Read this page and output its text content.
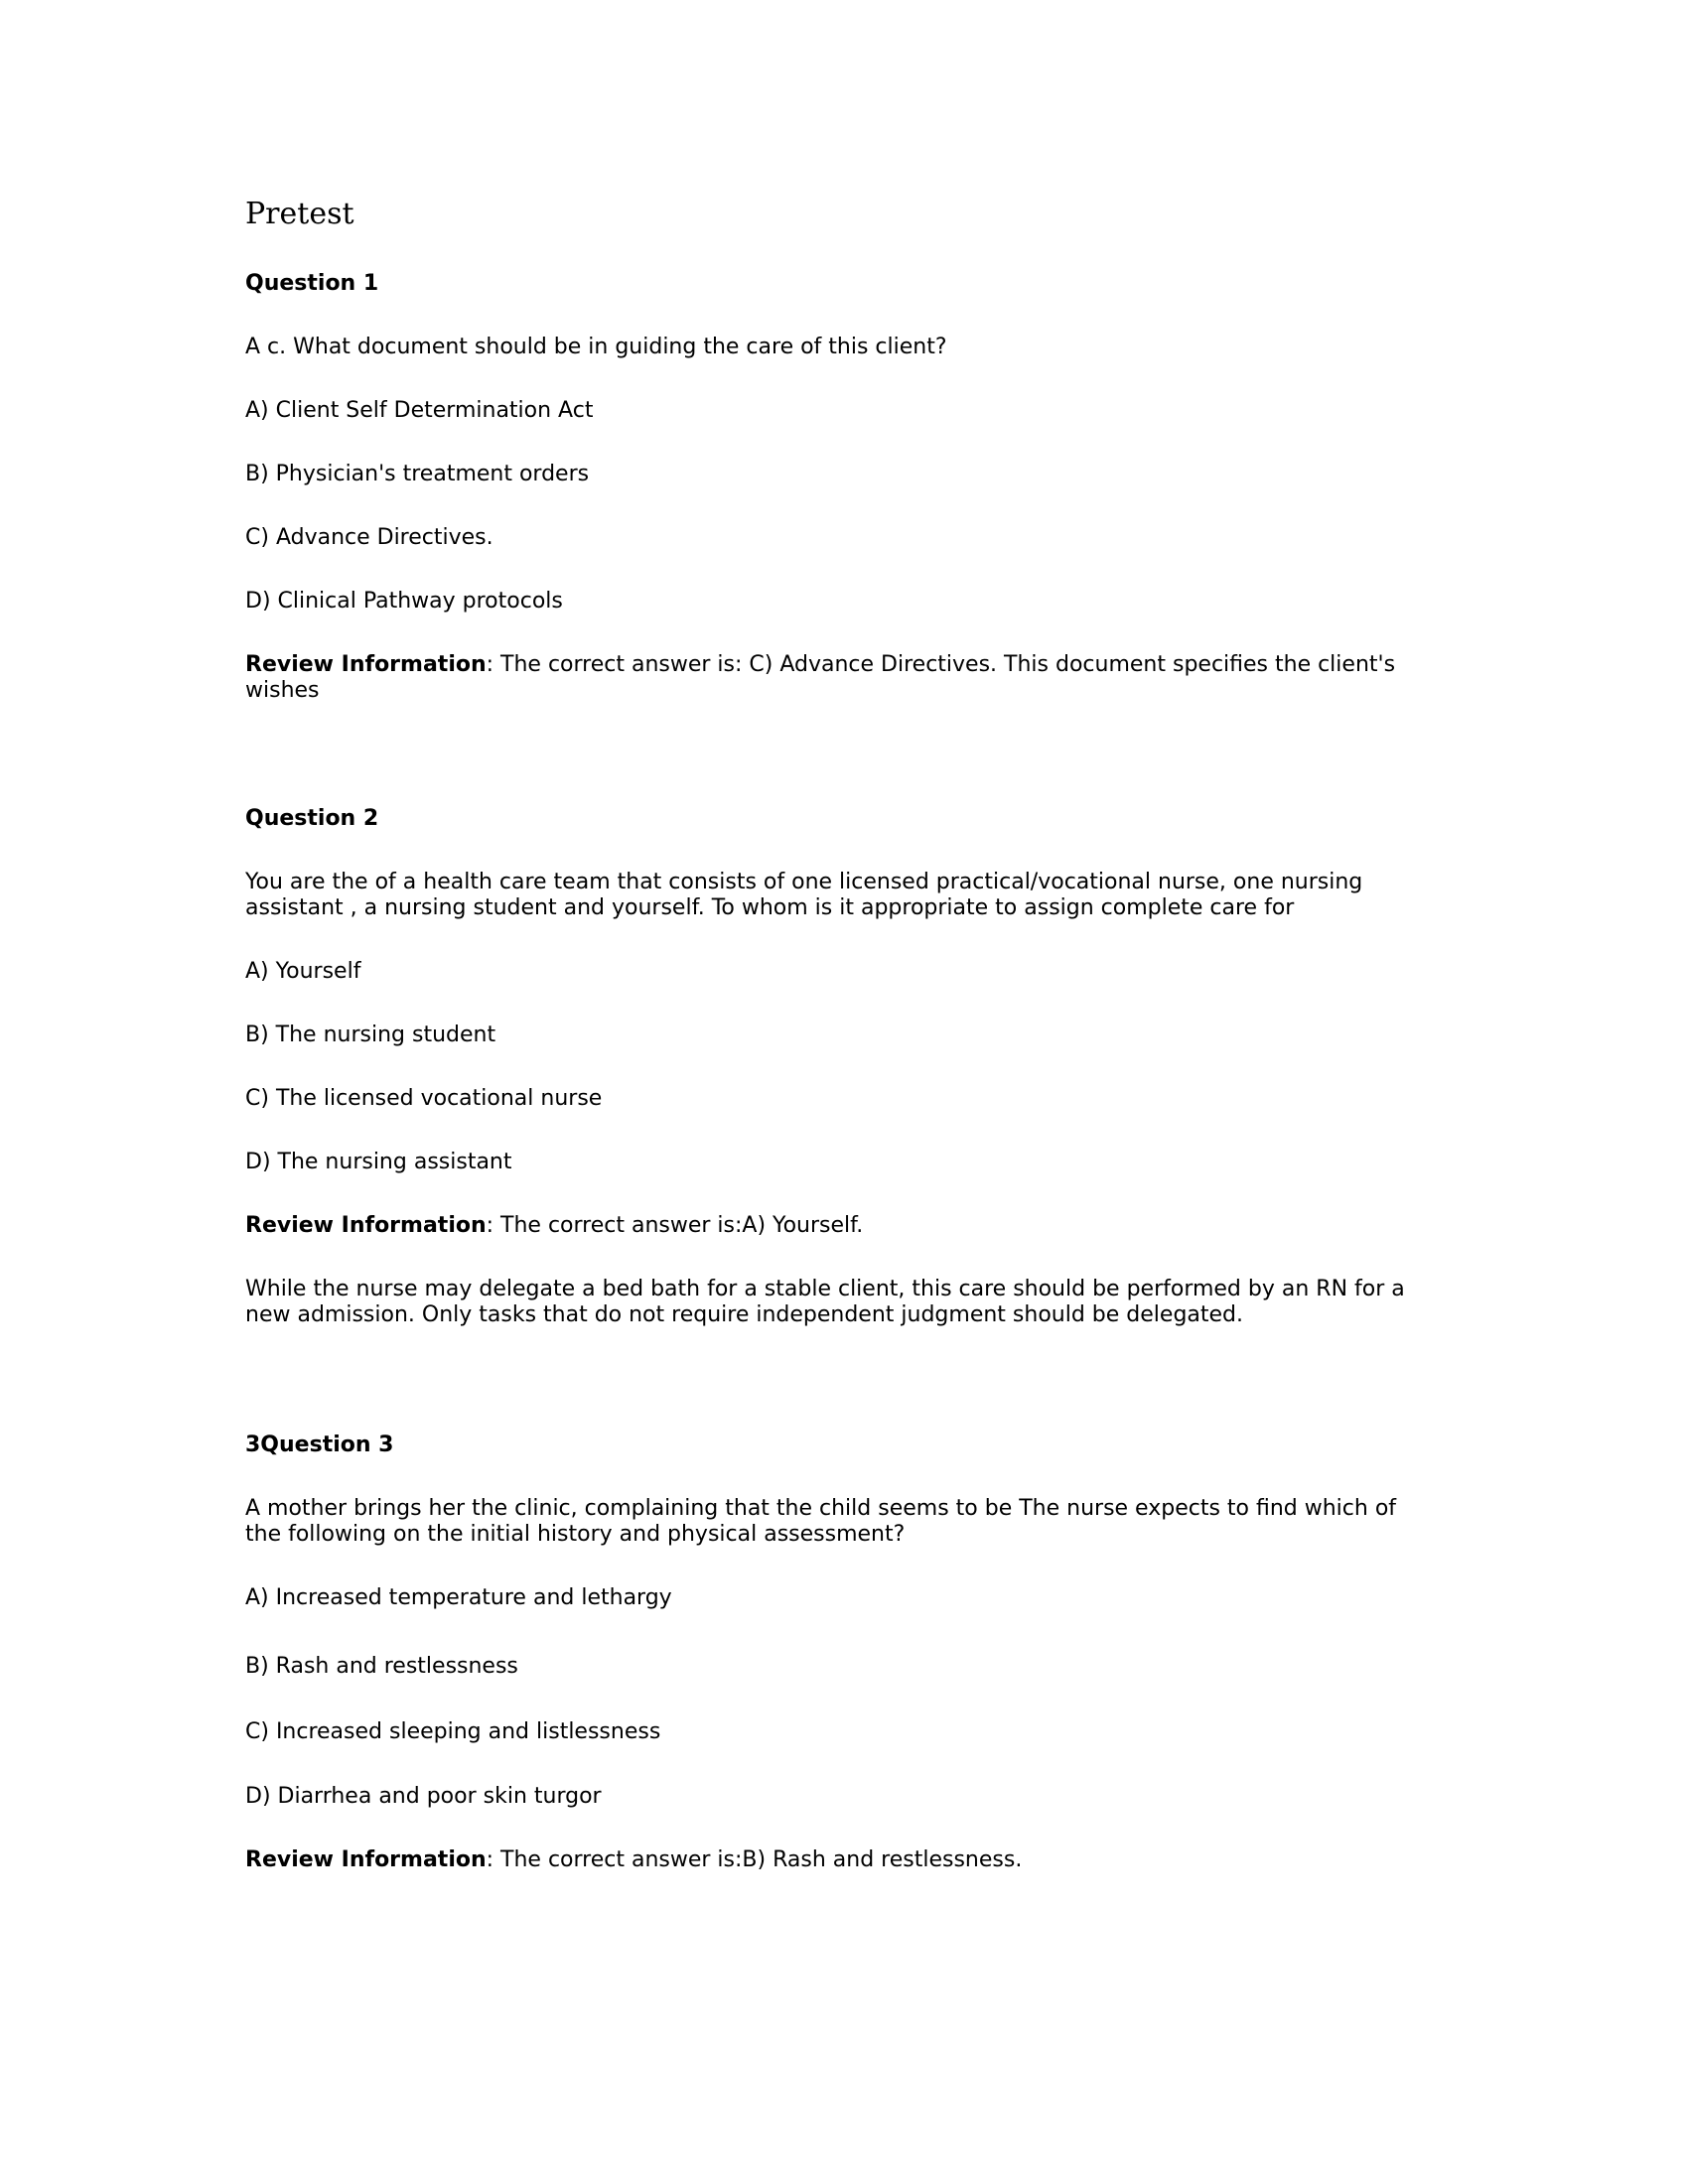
Pretest
Question 1
A c. What document should be in guiding the care of this client?
A) Client Self Determination Act
B) Physician's treatment orders
C) Advance Directives.
D) Clinical Pathway protocols
Review Information: The correct answer is: C) Advance Directives. This document specifies the client's wishes
Question 2
You are the of a health care team that consists of one licensed practical/vocational nurse, one nursing assistant , a nursing student and yourself. To whom is it appropriate to assign complete care for
A) Yourself
B) The nursing student
C) The licensed vocational nurse
D) The nursing assistant
Review Information: The correct answer is:A) Yourself.
While the nurse may delegate a bed bath for a stable client, this care should be performed by an RN for a new admission. Only tasks that do not require independent judgment should be delegated.
3Question 3
A mother brings her the clinic, complaining that the child seems to be The nurse expects to find which of the following on the initial history and physical assessment?
A) Increased temperature and lethargy
B) Rash and restlessness
C) Increased sleeping and listlessness
D) Diarrhea and poor skin turgor
Review Information: The correct answer is:B) Rash and restlessness.
